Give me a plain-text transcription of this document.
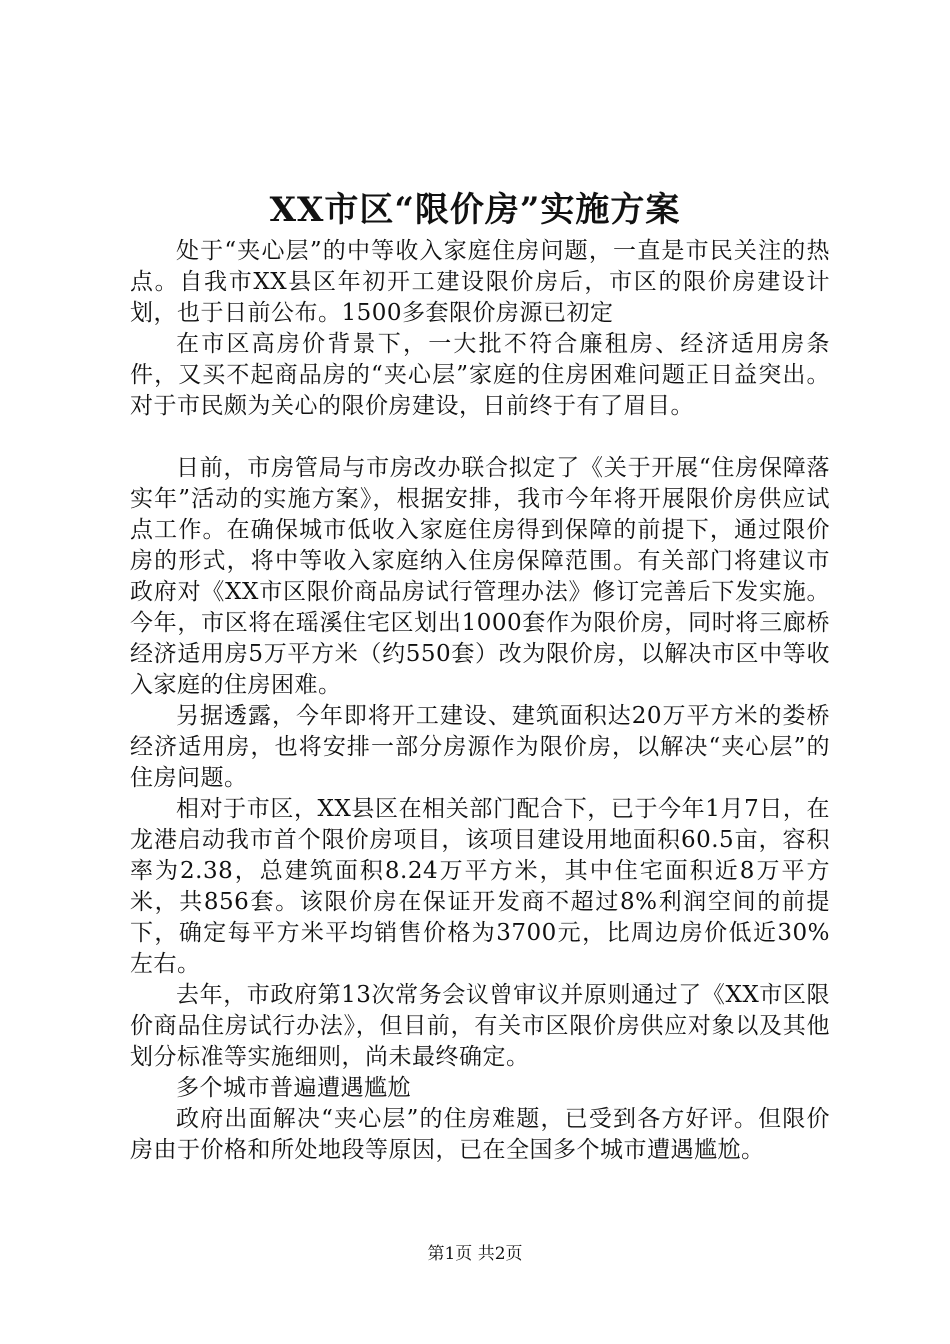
XX市区“限价房”实施方案

处于“夹心层”的中等收入家庭住房问题，一直是市民关注的热点。自我市XX县区年初开工建设限价房后，市区的限价房建设计划，也于日前公布。1500多套限价房源已初定

在市区高房价背景下，一大批不符合廉租房、经济适用房条件，又买不起商品房的“夹心层”家庭的住房困难问题正日益突出。对于市民颇为关心的限价房建设，日前终于有了眉目。

日前，市房管局与市房改办联合拟定了《关于开展“住房保障落实年”活动的实施方案》，根据安排，我市今年将开展限价房供应试点工作。在确保城市低收入家庭住房得到保障的前提下，通过限价房的形式，将中等收入家庭纳入住房保障范围。有关部门将建议市政府对《XX市区限价商品房试行管理办法》修订完善后下发实施。今年，市区将在瑶溪住宅区划出1000套作为限价房，同时将三廊桥经济适用房5万平方米（约550套）改为限价房，以解决市区中等收入家庭的住房困难。

另据透露，今年即将开工建设、建筑面积达20万平方米的娄桥经济适用房，也将安排一部分房源作为限价房，以解决“夹心层”的住房问题。

相对于市区，XX县区在相关部门配合下，已于今年1月7日，在龙港启动我市首个限价房项目，该项目建设用地面积60.5亩，容积率为2.38，总建筑面积8.24万平方米，其中住宅面积近8万平方米，共856套。该限价房在保证开发商不超过8%利润空间的前提下，确定每平方米平均销售价格为3700元，比周边房价低近30%左右。

去年，市政府第13次常务会议曾审议并原则通过了《XX市区限价商品住房试行办法》，但目前，有关市区限价房供应对象以及其他划分标准等实施细则，尚未最终确定。

多个城市普遍遭遇尴尬

政府出面解决“夹心层”的住房难题，已受到各方好评。但限价房由于价格和所处地段等原因，已在全国多个城市遭遇尴尬。

第1页 共2页
